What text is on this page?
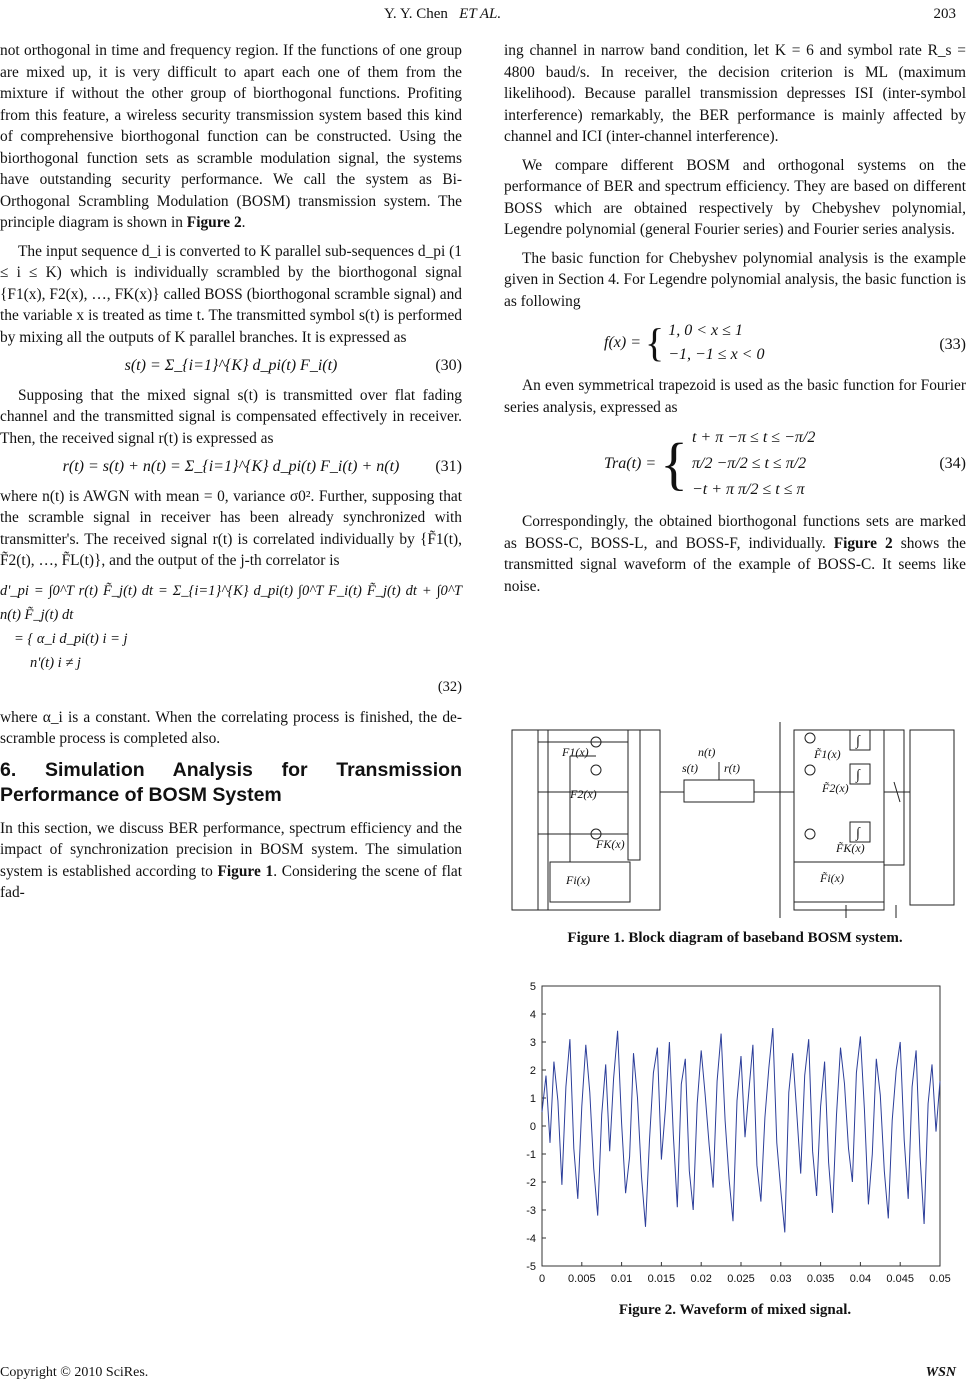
Y. Y. Chen ET AL.	203

not orthogonal in time and frequency region. If the functions of one group are mixed up, it is very difficult to apart each one of them from the mixture if without the other group of biorthogonal functions. Profiting from this feature, a wireless security transmission system based this kind of comprehensive biorthogonal function can be constructed. Using the biorthogonal function sets as scramble modulation signal, the systems have outstanding security performance. We call the system as Bi-Orthogonal Scrambling Modulation (BOSM) transmission system. The principle diagram is shown in Figure 2.

The input sequence d_i is converted to K parallel sub-sequences d_pi (1 ≤ i ≤ K) which is individually scrambled by the biorthogonal signal {F1(x), F2(x), …, FK(x)} called BOSS (biorthogonal scramble signal) and the variable x is treated as time t. The transmitted symbol s(t) is performed by mixing all the outputs of K parallel branches. It is expressed as

s(t) = Σ_{i=1}^{K} d_pi(t) F_i(t)	(30)

Supposing that the mixed signal s(t) is transmitted over flat fading channel and the transmitted signal is compensated effectively in receiver. Then, the received signal r(t) is expressed as

r(t) = s(t) + n(t) = Σ_{i=1}^{K} d_pi(t) F_i(t) + n(t) (31)

where n(t) is AWGN with mean = 0, variance σ0². Further, supposing that the scramble signal in receiver has been already synchronized with transmitter's. The received signal r(t) is correlated individually by {F̃1(t), F̃2(t), …, F̃L(t)}, and the output of the j-th correlator is

d'_pi = ∫0^T r(t) F̃_j(t) dt = Σ_{i=1}^{K} d_pi(t) ∫0^T F_i(t) F̃_j(t) dt + ∫0^T n(t) F̃_j(t) dt
= { α_i d_pi(t) i = j
n'(t) i ≠ j
(32)

where α_i is a constant. When the correlating process is finished, the de-scramble process is completed also.

6. Simulation Analysis for Transmission Performance of BOSM System

In this section, we discuss BER performance, spectrum efficiency and the impact of synchronization precision in BOSM system. The simulation system is established according to Figure 1. Considering the scene of flat fad-

ing channel in narrow band condition, let K = 6 and symbol rate R_s = 4800 baud/s. In receiver, the decision criterion is ML (maximum likelihood). Because parallel transmission depresses ISI (inter-symbol interference) remarkably, the BER performance is mainly affected by channel and ICI (inter-channel interference).

We compare different BOSM and orthogonal systems on the performance of BER and spectrum efficiency. They are based on different BOSS which are obtained respectively by Chebyshev polynomial, Legendre polynomial (general Fourier series) and Fourier series analysis.

The basic function for Chebyshev polynomial analysis is the example given in Section 4. For Legendre polynomial analysis, the basic function is as following

(33)
f(x) = { 1, 0 < x ≤ 1
−1, −1 ≤ x < 0

An even symmetrical trapezoid is used as the basic function for Fourier series analysis, expressed as

(34)
Tra(t) = { t + π −π ≤ t ≤ −π/2
π/2 −π/2 ≤ t ≤ π/2
−t + π π/2 ≤ t ≤ π

Correspondingly, the obtained biorthogonal functions sets are marked as BOSS-C, BOSS-L, and BOSS-F, individually. Figure 2 shows the transmitted signal waveform of the example of BOSS-C. It seems like noise.

F1(x)
F2(x)
FK(x)
Fi(x)
n(t)
s(t) r(t)
F̃1(x)
F̃2(x)
F̃K(x)
F̃i(x)
∫
∫
∫
Figure 1. Block diagram of baseband BOSM system.
5
4
3
2
1
0
-1
-2
-3
-4
-5
0 0.005 0.01 0.015 0.02 0.025 0.03 0.035 0.04 0.045 0.05
Figure 2. Waveform of mixed signal.
Copyright © 2010 SciRes.	WSN
